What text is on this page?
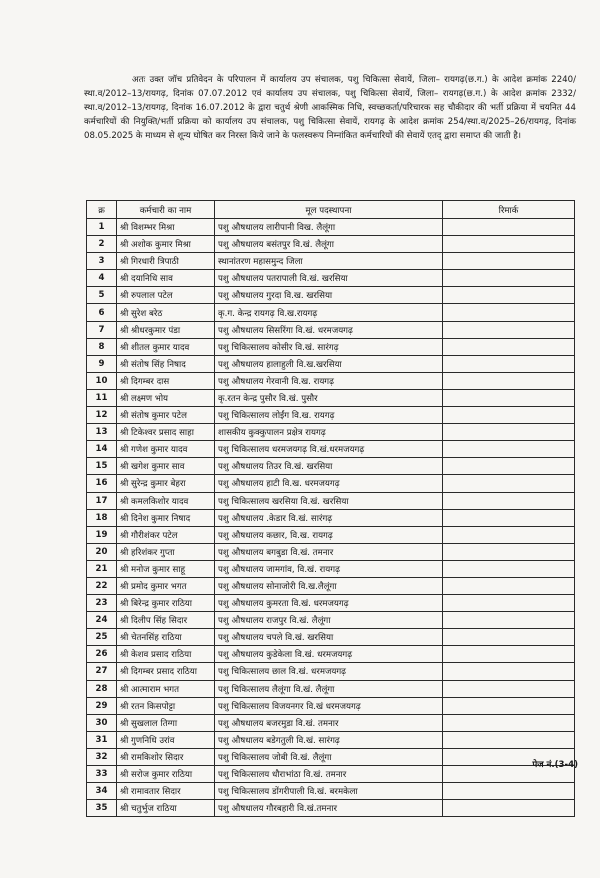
अतः उक्त जॉच प्रतिवेदन के परिपालन में कार्यालय उप संचालक, पशु चिकित्सा सेवायें, जिला– रायगढ़(छ.ग.) के आदेश क्रमांक 2240/स्था.व/2012–13/रायगढ़, दिनांक 07.07.2012 एवं कार्यालय उप संचालक, पशु चिकित्सा सेवायें, जिला– रायगढ़(छ.ग.) के आदेश क्रमांक 2332/स्था.व/2012–13/रायगढ़, दिनांक 16.07.2012 के द्वारा चतुर्थ श्रेणी आकस्मिक निधि, स्वच्छकर्ता/परिचारक सह चौकीदार की भर्ती प्रक्रिया में चयनित 44 कर्मचारियों की नियुक्ति/भर्ती प्रक्रिया को कार्यालय उप संचालक, पशु चिकित्सा सेवायें, रायगढ़ के आदेश क्रमांक 254/स्था.व/2025–26/रायगढ़, दिनांक 08.05.2025 के माध्यम से शून्य घोषित कर निरस्त किये जाने के फलस्वरूप निम्नांकित कर्मचारियों की सेवायें एतद् द्वारा समाप्त की जाती है।

क्र	कर्मचारी का नाम	मूल पदस्थापना	रिमार्क
1	श्री विशम्भर मिश्रा	पशु औषधालय लारीपानी विख. लैलूंगा	
2	श्री अशोक कुमार मिश्रा	पशु औषधालय बसंतपुर वि.खं. लैलूंगा	
3	श्री गिरधारी त्रिपाठी	स्थानांतरण महासमुन्द जिला	
4	श्री दयानिधि साव	पशु औषधालय पतरापाली वि.खं. खरसिया	
5	श्री रुपलाल पटेल	पशु औषधालय गुरदा वि.ख. खरसिया	
6	श्री सुरेश बरेठ	कृ.ग. केन्द्र रायगढ़ वि.ख.रायगढ़	
7	श्री श्रीधरकुमार पंडा	पशु औषधालय सिसरिंगा वि.खं. धरमजयगढ़	
8	श्री शीतल कुमार यादव	पशु चिकित्सालय कोसीर वि.खं. सारंगढ़	
9	श्री संतोष सिंह निषाद	पशु औषधालय हालाहुली वि.ख.खरसिया	
10	श्री दिगम्बर दास	पशु औषधालय गेरवानी वि.ख. रायगढ़	
11	श्री लक्ष्मण भोय	कृ.रतन केन्द्र पुसौर वि.खं. पुसौर	
12	श्री संतोष कुमार पटेल	पशु चिकित्सालय लोईंग वि.ख. रायगढ़	
13	श्री टिकेश्वर प्रसाद साहा	शासकीय कुक्कुपालन प्रक्षेत्र रायगढ़	
14	श्री गणेश कुमार यादव	पशु चिकित्सालय धरमजयगढ़ वि.खं.धरमजयगढ़	
15	श्री खगेश कुमार साव	पशु औषधालय तिउर वि.खं. खरसिया	
16	श्री सुरेन्द्र कुमार बेहरा	पशु औषधालय हाटी वि.ख. धरमजयगढ़	
17	श्री कमलकिशोर यादव	पशु चिकित्सालय खरसिया वि.खं. खरसिया	
18	श्री दिनेश कुमार निषाद	पशु औषधालय .केडार वि.खं. सारंगढ़	
19	श्री गौरीशंकर पटेल	पशु औषधालय कछार, वि.ख. रायगढ़	
20	श्री हरिशंकर गुप्ता	पशु औषधालय बगबुडा वि.खं. तमनार	
21	श्री मनोज कुमार साहू	पशु औषधालय जामगांव, वि.खं. रायगढ़	
22	श्री प्रमोद कुमार भगत	पशु औषधालय सोनाजोरी वि.ख.लैलूंगा	
23	श्री बिरेन्द्र कुमार राठिया	पशु औषधालय कुमरता वि.खं. धरमजयगढ़	
24	श्री दिलीप सिंह सिदार	पशु औषधालय राजपुर वि.खं. लैलूंगा	
25	श्री चेतनसिंह राठिया	पशु औषधालय चपले वि.खं. खरसिया	
26	श्री केशव प्रसाद राठिया	पशु औषधालय कुडेकेला वि.खं. धरमजयगढ़	
27	श्री दिगम्बर प्रसाद राठिया	पशु चिकित्सालय छाल वि.खं. धरमजयगढ़	
28	श्री आत्माराम भगत	पशु चिकित्सालय लैलूंगा वि.खं. लैलूंगा	
29	श्री रतन किसपोट्टा	पशु चिकित्सालय विजयनगर वि.खं धरमजयगढ़	
30	श्री सुखलाल तिग्गा	पशु औषधालय बजरमुडा वि.खं. तमनार	
31	श्री गुणनिधि उरांव	पशु औषधालय बडेगतुली वि.खं. सारंगढ़	
32	श्री रामकिशोर सिदार	पशु चिकित्सालय जोबी वि.खं. लैलूंगा	
33	श्री सरोज कुमार राठिया	पशु चिकित्सालय धौराभांठा वि.खं. तमनार	
34	श्री रामावतार सिदार	पशु चिकित्सालय डोंगरीपाली वि.खं. बरमकेला	
35	श्री चतुर्भुज राठिया	पशु औषधालय गौरबहारी वि.खं.तमनार	
पेज नं.(3-4)
